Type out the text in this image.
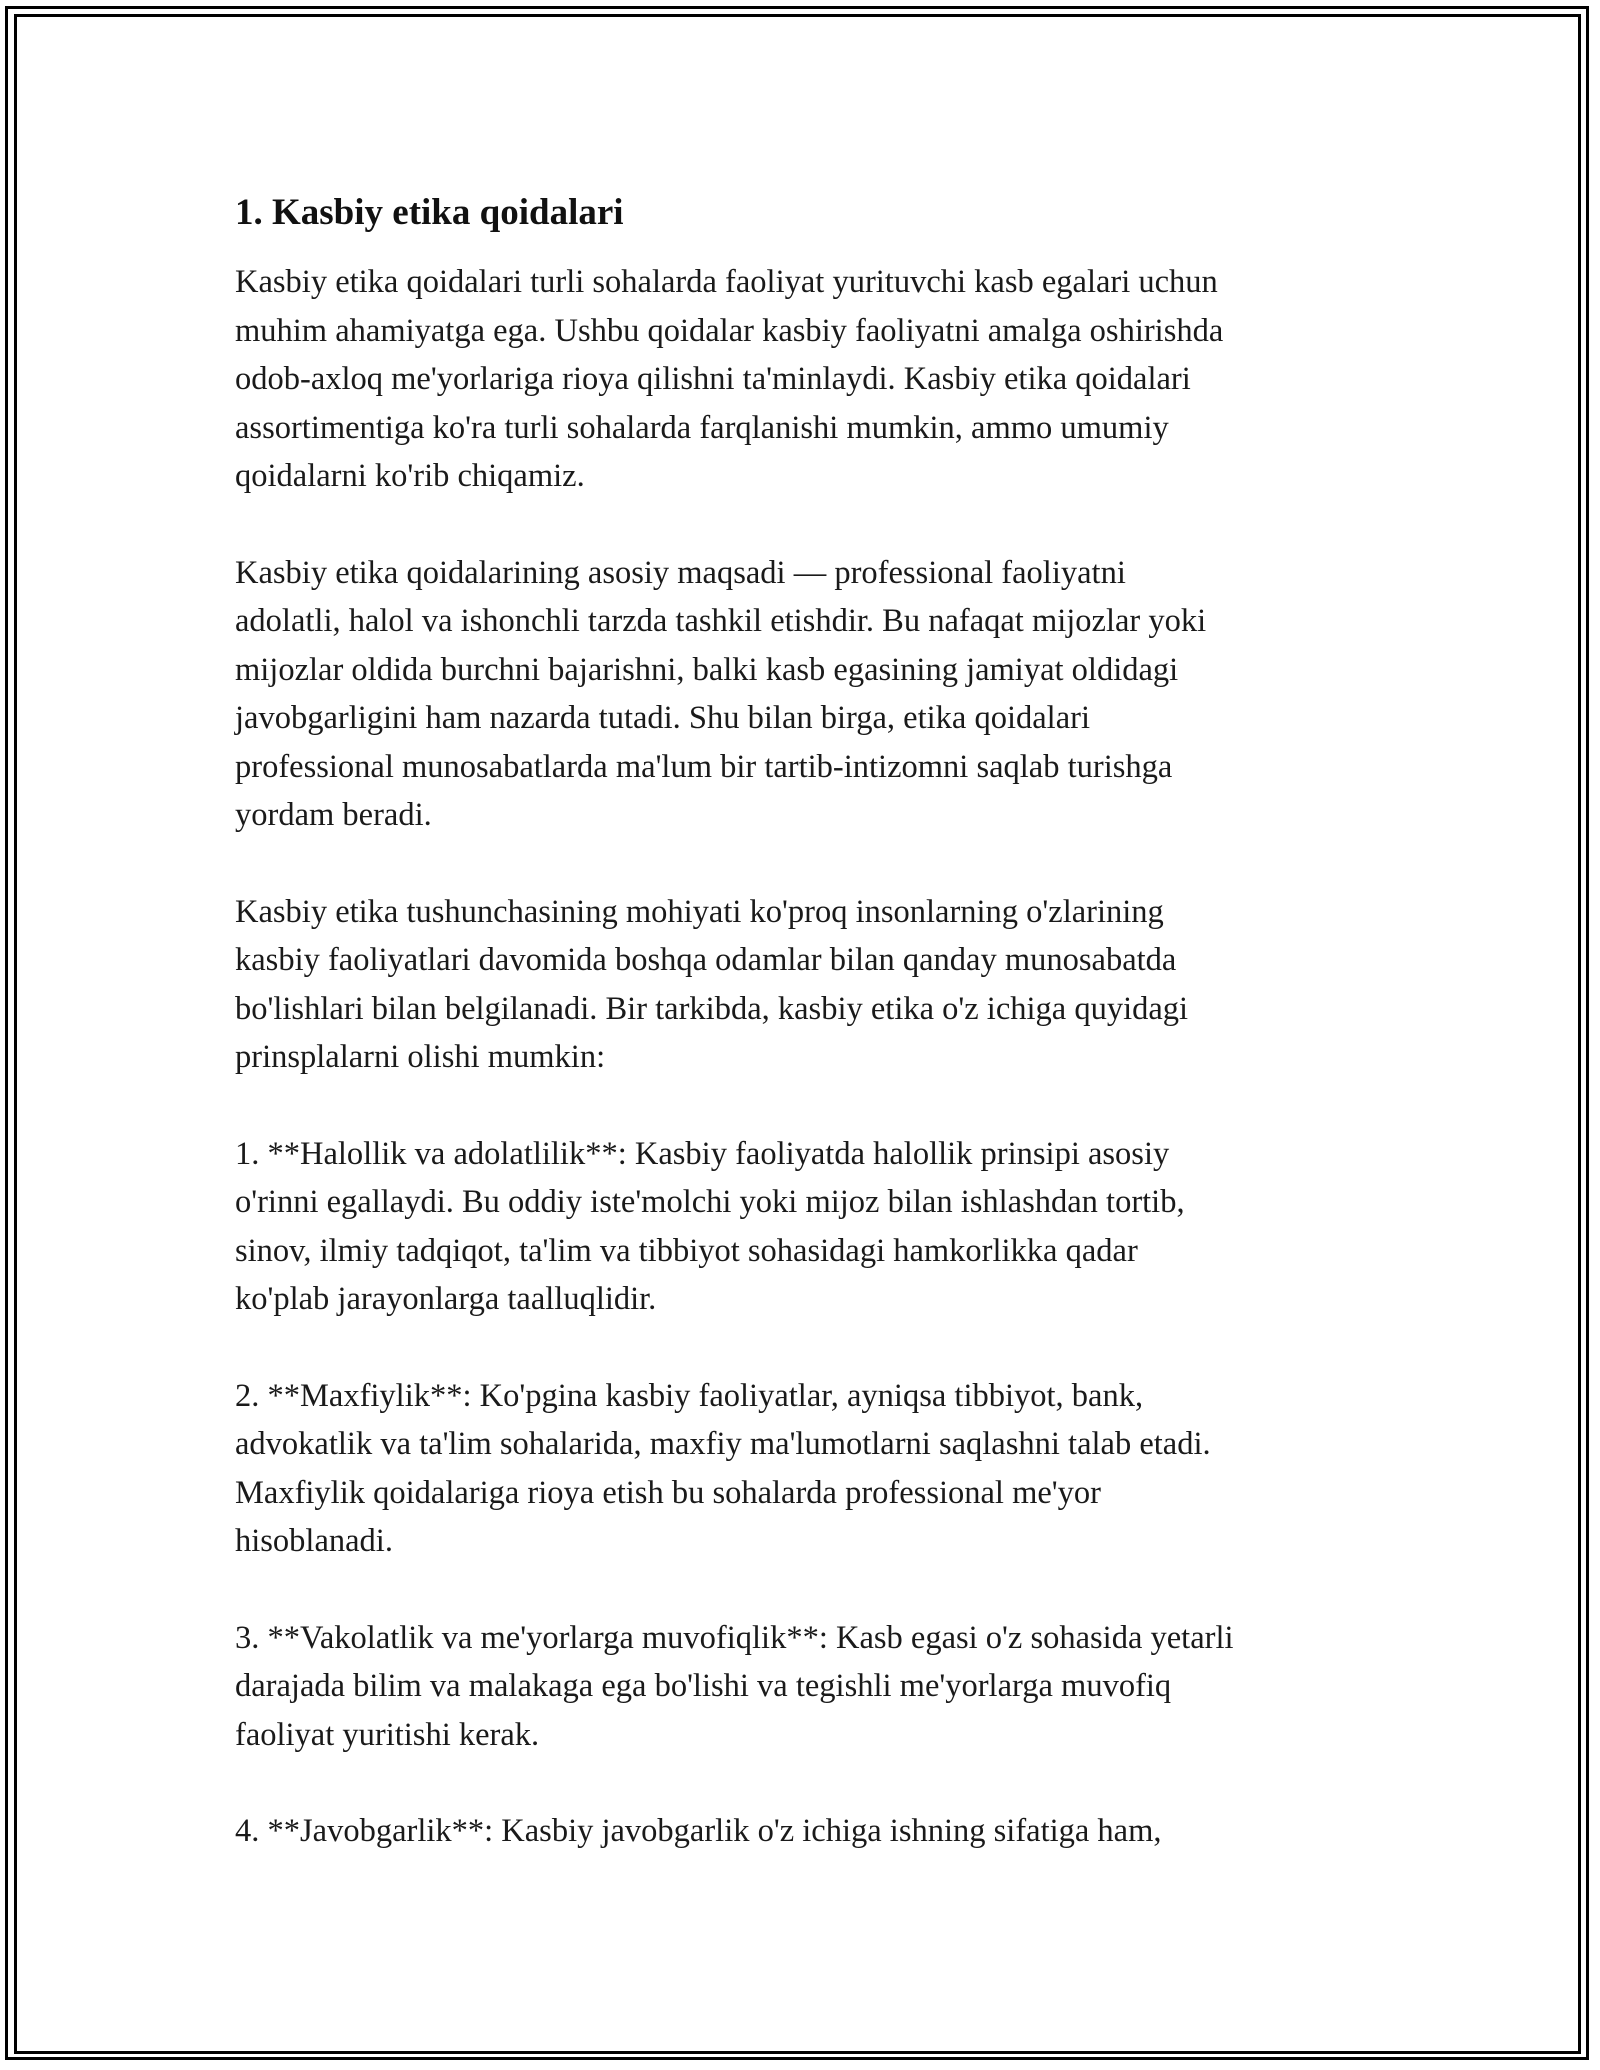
1. Kasbiy etika qoidalari
Kasbiy etika qoidalari turli sohalarda faoliyat yurituvchi kasb egalari uchun
muhim ahamiyatga ega. Ushbu qoidalar kasbiy faoliyatni amalga oshirishda
odob-axloq me'yorlariga rioya qilishni ta'minlaydi. Kasbiy etika qoidalari
assortimentiga ko'ra turli sohalarda farqlanishi mumkin, ammo umumiy
qoidalarni ko'rib chiqamiz.
Kasbiy etika qoidalarining asosiy maqsadi — professional faoliyatni
adolatli, halol va ishonchli tarzda tashkil etishdir. Bu nafaqat mijozlar yoki
mijozlar oldida burchni bajarishni, balki kasb egasining jamiyat oldidagi
javobgarligini ham nazarda tutadi. Shu bilan birga, etika qoidalari
professional munosabatlarda ma'lum bir tartib-intizomni saqlab turishga
yordam beradi.
Kasbiy etika tushunchasining mohiyati ko'proq insonlarning o'zlarining
kasbiy faoliyatlari davomida boshqa odamlar bilan qanday munosabatda
bo'lishlari bilan belgilanadi. Bir tarkibda, kasbiy etika o'z ichiga quyidagi
prinsplalarni olishi mumkin:
1. **Halollik va adolatlilik**: Kasbiy faoliyatda halollik prinsipi asosiy
o'rinni egallaydi. Bu oddiy iste'molchi yoki mijoz bilan ishlashdan tortib,
sinov, ilmiy tadqiqot, ta'lim va tibbiyot sohasidagi hamkorlikka qadar
ko'plab jarayonlarga taalluqlidir.
2. **Maxfiylik**: Ko'pgina kasbiy faoliyatlar, ayniqsa tibbiyot, bank,
advokatlik va ta'lim sohalarida, maxfiy ma'lumotlarni saqlashni talab etadi.
Maxfiylik qoidalariga rioya etish bu sohalarda professional me'yor
hisoblanadi.
3. **Vakolatlik va me'yorlarga muvofiqlik**: Kasb egasi o'z sohasida yetarli
darajada bilim va malakaga ega bo'lishi va tegishli me'yorlarga muvofiq
faoliyat yuritishi kerak.
4. **Javobgarlik**: Kasbiy javobgarlik o'z ichiga ishning sifatiga ham,
